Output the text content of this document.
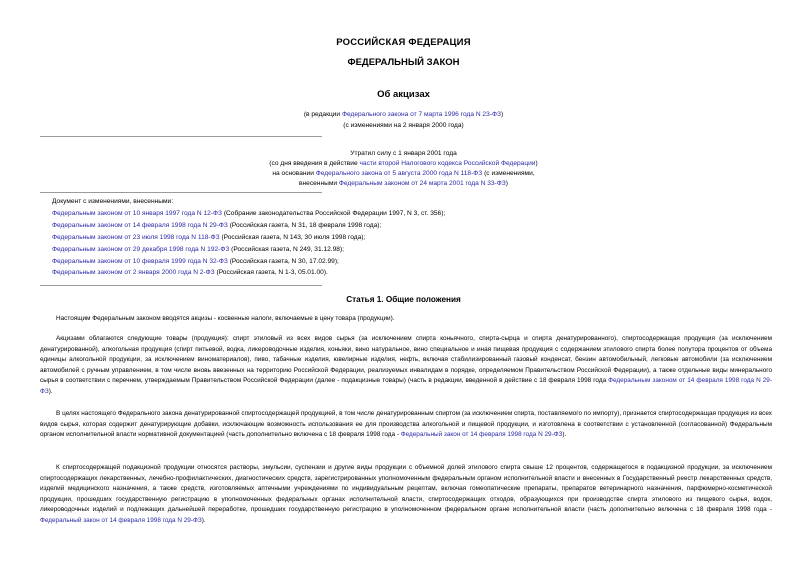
РОССИЙСКАЯ ФЕДЕРАЦИЯ
ФЕДЕРАЛЬНЫЙ ЗАКОН
Об акцизах
(в редакции Федерального закона от 7 марта 1996 года N 23-ФЗ)
(с изменениями на 2 января 2000 года)
Утратил силу с 1 января 2001 года
(со дня введения в действие части второй Налогового кодекса Российской Федерации)
на основании Федерального закона от 5 августа 2000 года N 118-ФЗ (с изменениями,
внесенными Федеральным законом от 24 марта 2001 года N 33-ФЗ)
Документ с изменениями, внесенными:
Федеральным законом от 10 января 1997 года N 12-ФЗ (Собрание законодательства Российской Федерации 1997, N 3, ст. 356);
Федеральным законом от 14 февраля 1998 года N 29-ФЗ (Российская газета, N 31, 18 февраля 1998 года);
Федеральным законом от 23 июля 1998 года N 118-ФЗ (Российская газета, N 143, 30 июля 1998 года);
Федеральным законом от 29 декабря 1998 года N 192-ФЗ (Российская газета, N 249, 31.12.98);
Федеральным законом от 10 февраля 1999 года N 32-ФЗ (Российская газета, N 30, 17.02.99);
Федеральным законом от 2 января 2000 года N 2-ФЗ (Российская газета, N 1-3, 05.01.00).
Статья 1. Общие положения
Настоящим Федеральным законом вводятся акцизы - косвенные налоги, включаемые в цену товара (продукции).
Акцизами облагаются следующие товары (продукция): спирт этиловый из всех видов сырья (за исключением спирта коньячного, спирта-сырца и спирта денатурированного), спиртосодержащая продукция (за исключением денатурированной), алкогольная продукция (спирт питьевой, водка, ликероводочные изделия, коньяки, вино натуральное, вино специальное и иная пищевая продукция с содержанием этилового спирта более полутора процентов от объема единицы алкогольной продукции, за исключением виноматериалов), пиво, табачные изделия, ювелирные изделия, нефть, включая стабилизированный газовый конденсат, бензин автомобильный, легковые автомобили (за исключением автомобилей с ручным управлением, в том числе вновь ввезенных на территорию Российской Федерации, реализуемых инвалидам в порядке, определяемом Правительством Российской Федерации), а также отдельные виды минерального сырья в соответствии с перечнем, утверждаемым Правительством Российской Федерации (далее - подакцизные товары) (часть в редакции, введенной в действие с 18 февраля 1998 года Федеральным законом от 14 февраля 1998 года N 29-ФЗ).
В целях настоящего Федерального закона денатурированной спиртосодержащей продукцией, в том числе денатурированным спиртом (за исключением спирта, поставляемого по импорту), признается спиртосодержащая продукция из всех видов сырья, которая содержит денатурирующие добавки, исключающие возможность использования ее для производства алкогольной и пищевой продукции, и изготовлена в соответствии с установленной (согласованной) Федеральным органом исполнительной власти нормативной документацией (часть дополнительно включена с 18 февраля 1998 года - Федеральный закон от 14 февраля 1998 года N 29-ФЗ).
К спиртосодержащей подакцизной продукции относятся растворы, эмульсии, суспензии и другие виды продукции с объемной долей этилового спирта свыше 12 процентов, содержащегося в подакцизной продукции, за исключением спиртосодержащих лекарственных, лечебно-профилактических, диагностических средств, зарегистрированных уполномоченным федеральным органом исполнительной власти и внесенных в Государственный реестр лекарственных средств, изделий медицинского назначения, а также средств, изготовляемых аптечными учреждениями по индивидуальным рецептам, включая гомеопатические препараты, препаратов ветеринарного назначения, парфюмерно-косметической продукции, прошедших государственную регистрацию в уполномоченных федеральных органах исполнительной власти, спиртосодержащих отходов, образующихся при производстве спирта этилового из пищевого сырья, водок, ликероводочных изделий и подлежащих дальнейшей переработке, прошедших государственную регистрацию в уполномоченном федеральном органе исполнительной власти (часть дополнительно включена с 18 февраля 1998 года - Федеральный закон от 14 февраля 1998 года N 29-ФЗ).
